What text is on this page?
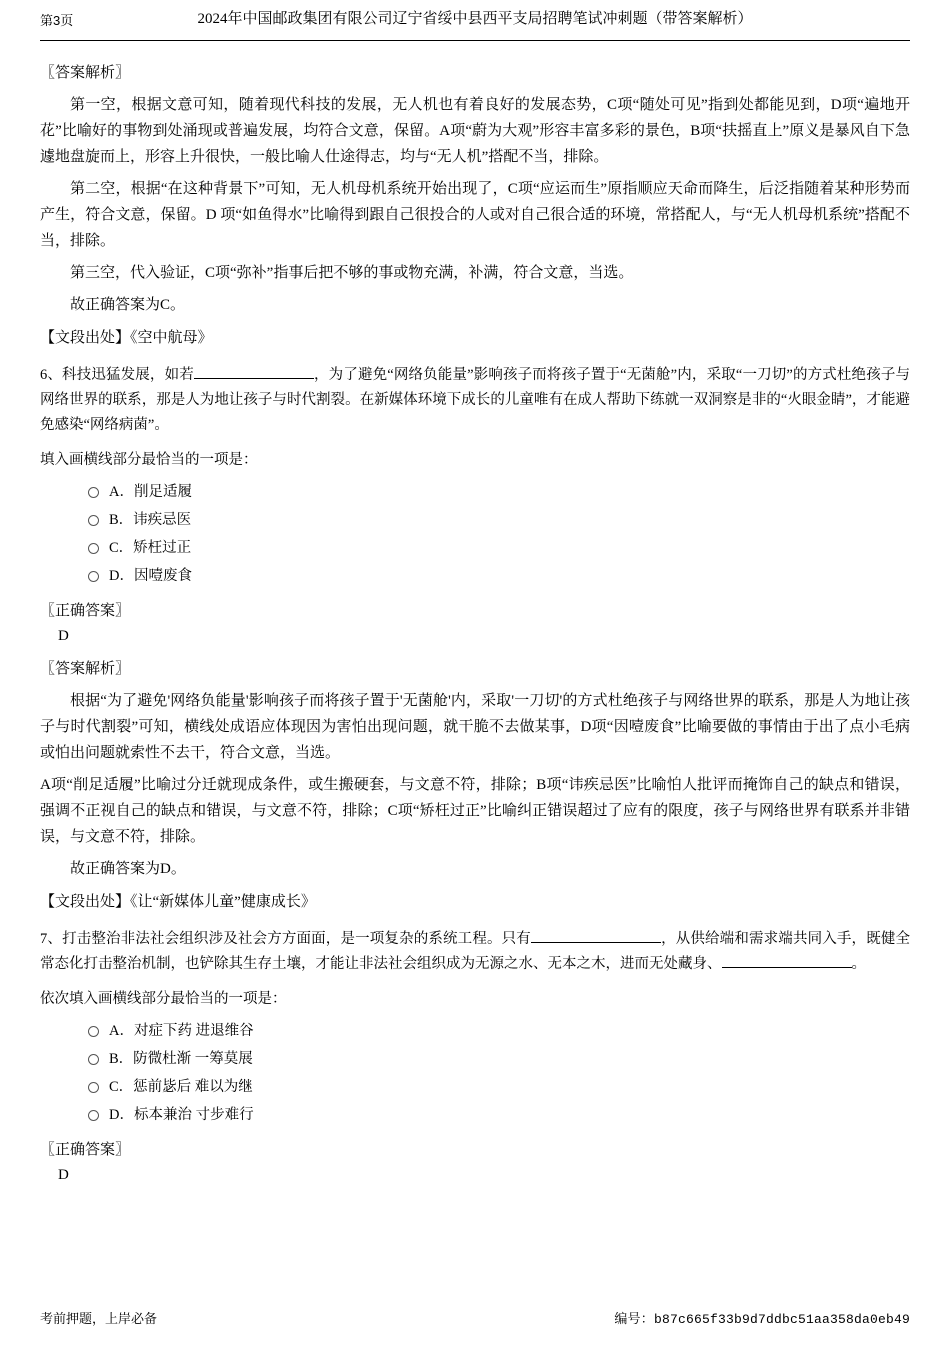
第3页	2024年中国邮政集团有限公司辽宁省绥中县西平支局招聘笔试冲刺题（带答案解析）
〖答案解析〗
第一空，根据文意可知，随着现代科技的发展，无人机也有着良好的发展态势，C项“随处可见”指到处都能见到，D项“遍地开花”比喻好的事物到处涌现或普遍发展，均符合文意，保留。A项“蔚为大观”形容丰富多彩的景色，B项“扶摇直上”原义是暴风自下急遽地盘旋而上，形容上升很快，一般比喻人仕途得志，均与“无人机”搭配不当，排除。
第二空，根据“在这种背景下”可知，无人机母机系统开始出现了，C项“应运而生”原指顺应天命而降生，后泛指随着某种形势而产生，符合文意，保留。D 项“如鱼得水”比喻得到跟自己很投合的人或对自己很合适的环境，常搭配人，与“无人机母机系统”搭配不当，排除。
第三空，代入验证，C项“弥补”指事后把不够的事或物充满，补满，符合文意，当选。
故正确答案为C。
【文段出处】《空中航母》
6、科技迅猛发展，如若	，为了避免“网络负能量”影响孩子而将孩子置于“无菌舱”内，采取“一刀切”的方式杜绝孩子与网络世界的联系，那是人为地让孩子与时代割裂。在新媒体环境下成长的儿童唯有在成人帮助下练就一双洞察是非的“火眼金睛”，才能避免感染“网络病菌”。
填入画横线部分最恰当的一项是：
A． 削足适履
B． 讳疾忌医
C． 矫枉过正
D． 因噎废食
〖正确答案〗
D
〖答案解析〗
根据“为了避免'网络负能量'影响孩子而将孩子置于'无菌舱'内，采取'一刀切'的方式杜绝孩子与网络世界的联系，那是人为地让孩子与时代割裂”可知，横线处成语应体现因为害怕出现问题，就干脆不去做某事，D项“因噎废食”比喻要做的事情由于出了点小毛病或怕出问题就索性不去干，符合文意，当选。
A项“削足适履”比喻过分迁就现成条件，或生搬硬套，与文意不符，排除；B项“讳疾忌医”比喻怕人批评而掩饰自己的缺点和错误，强调不正视自己的缺点和错误，与文意不符，排除；C项“矫枉过正”比喻纠正错误超过了应有的限度，孩子与网络世界有联系并非错误，与文意不符，排除。
故正确答案为D。
【文段出处】《让“新媒体儿童”健康成长》
7、打击整治非法社会组织涉及社会方方面面，是一项复杂的系统工程。只有	，从供给端和需求端共同入手，既健全常态化打击整治机制，也铲除其生存土壤，才能让非法社会组织成为无源之水、无本之木，进而无处藏身、	。
依次填入画横线部分最恰当的一项是：
A． 对症下药 进退维谷
B． 防微杜渐 一筹莫展
C． 惩前毖后 难以为继
D． 标本兼治 寸步难行
〖正确答案〗
D
考前押题，上岸必备	编号：b87c665f33b9d7ddbc51aa358da0eb49
